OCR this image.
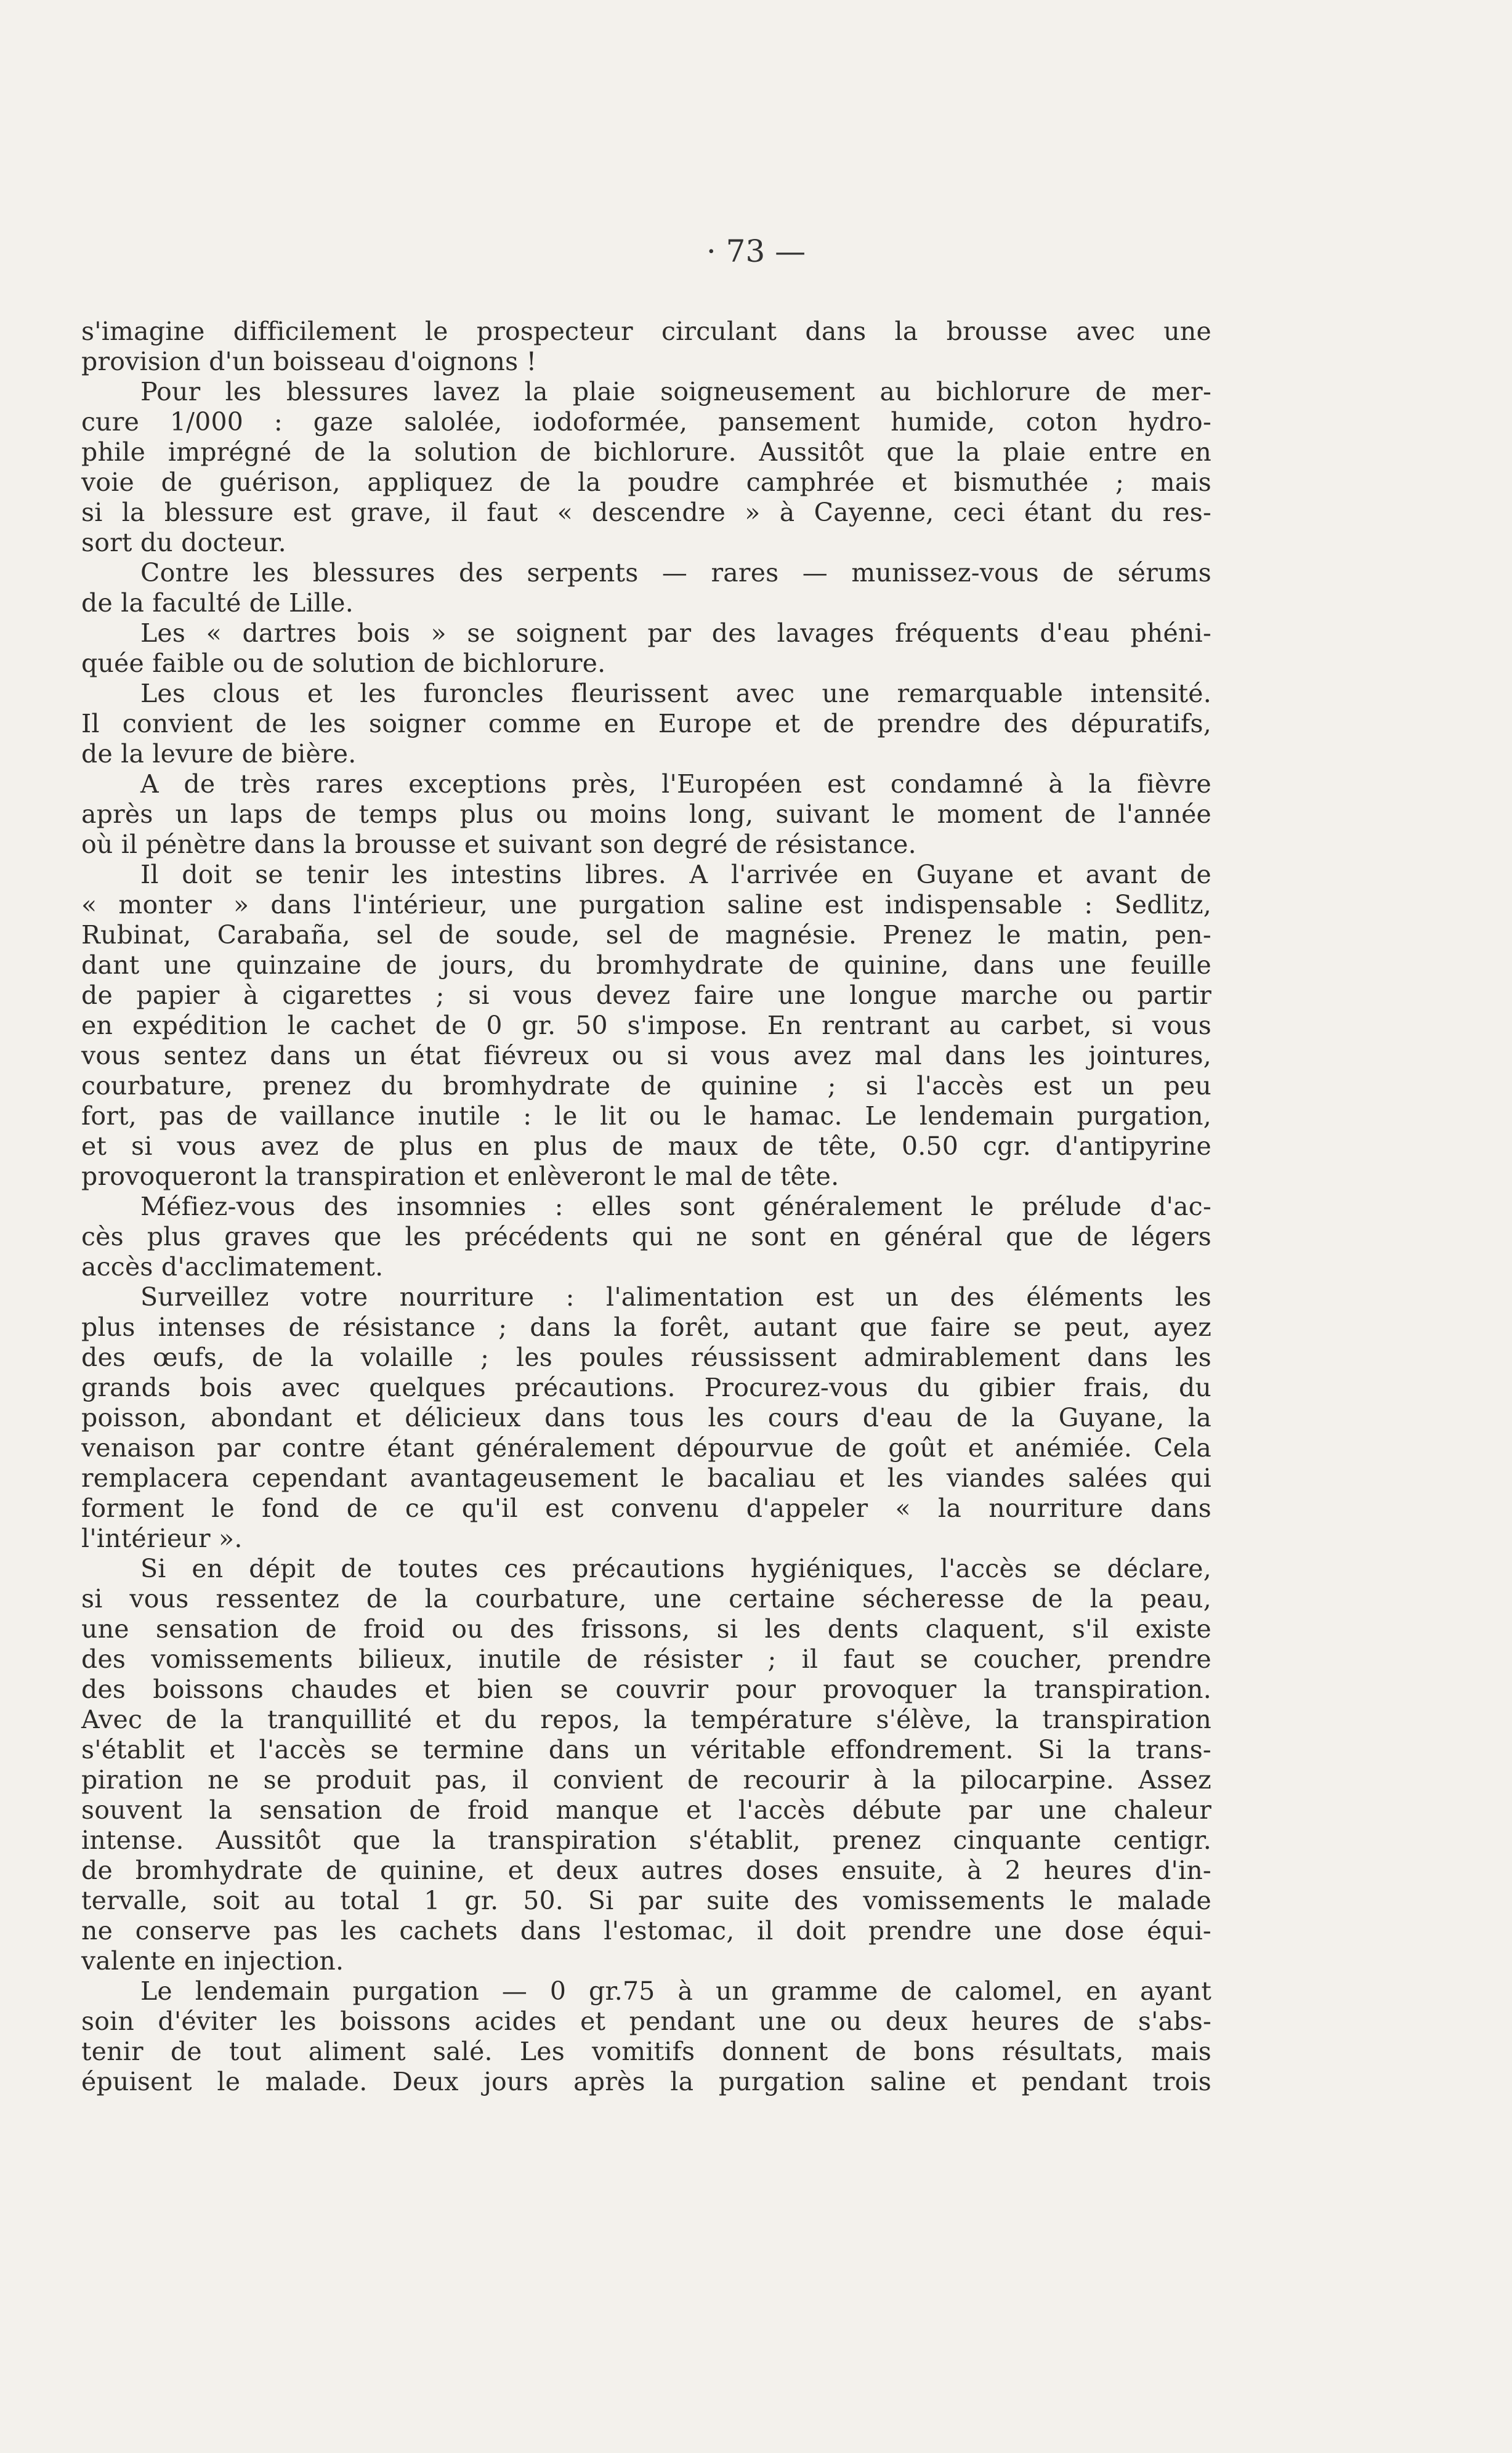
· 73 —
s'imagine difficilement le prospecteur circulant dans la brousse avec une
provision d'un boisseau d'oignons !
Pour les blessures lavez la plaie soigneusement au bichlorure de mer-
cure 1/000 : gaze salolée, iodoformée, pansement humide, coton hydro-
phile imprégné de la solution de bichlorure. Aussitôt que la plaie entre en
voie de guérison, appliquez de la poudre camphrée et bismuthée ; mais
si la blessure est grave, il faut « descendre » à Cayenne, ceci étant du res-
sort du docteur.
Contre les blessures des serpents — rares — munissez-vous de sérums
de la faculté de Lille.
Les « dartres bois » se soignent par des lavages fréquents d'eau phéni-
quée faible ou de solution de bichlorure.
Les clous et les furoncles fleurissent avec une remarquable intensité.
Il convient de les soigner comme en Europe et de prendre des dépuratifs,
de la levure de bière.
A de très rares exceptions près, l'Européen est condamné à la fièvre
après un laps de temps plus ou moins long, suivant le moment de l'année
où il pénètre dans la brousse et suivant son degré de résistance.
Il doit se tenir les intestins libres. A l'arrivée en Guyane et avant de
« monter » dans l'intérieur, une purgation saline est indispensable : Sedlitz,
Rubinat, Carabaña, sel de soude, sel de magnésie. Prenez le matin, pen-
dant une quinzaine de jours, du bromhydrate de quinine, dans une feuille
de papier à cigarettes ; si vous devez faire une longue marche ou partir
en expédition le cachet de 0 gr. 50 s'impose. En rentrant au carbet, si vous
vous sentez dans un état fiévreux ou si vous avez mal dans les jointures,
courbature, prenez du bromhydrate de quinine ; si l'accès est un peu
fort, pas de vaillance inutile : le lit ou le hamac. Le lendemain purgation,
et si vous avez de plus en plus de maux de tête, 0.50 cgr. d'antipyrine
provoqueront la transpiration et enlèveront le mal de tête.
Méfiez-vous des insomnies : elles sont généralement le prélude d'ac-
cès plus graves que les précédents qui ne sont en général que de légers
accès d'acclimatement.
Surveillez votre nourriture : l'alimentation est un des éléments les
plus intenses de résistance ; dans la forêt, autant que faire se peut, ayez
des œufs, de la volaille ; les poules réussissent admirablement dans les
grands bois avec quelques précautions. Procurez-vous du gibier frais, du
poisson, abondant et délicieux dans tous les cours d'eau de la Guyane, la
venaison par contre étant généralement dépourvue de goût et anémiée. Cela
remplacera cependant avantageusement le bacaliau et les viandes salées qui
forment le fond de ce qu'il est convenu d'appeler « la nourriture dans
l'intérieur ».
Si en dépit de toutes ces précautions hygiéniques, l'accès se déclare,
si vous ressentez de la courbature, une certaine sécheresse de la peau,
une sensation de froid ou des frissons, si les dents claquent, s'il existe
des vomissements bilieux, inutile de résister ; il faut se coucher, prendre
des boissons chaudes et bien se couvrir pour provoquer la transpiration.
Avec de la tranquillité et du repos, la température s'élève, la transpiration
s'établit et l'accès se termine dans un véritable effondrement. Si la trans-
piration ne se produit pas, il convient de recourir à la pilocarpine. Assez
souvent la sensation de froid manque et l'accès débute par une chaleur
intense. Aussitôt que la transpiration s'établit, prenez cinquante centigr.
de bromhydrate de quinine, et deux autres doses ensuite, à 2 heures d'in-
tervalle, soit au total 1 gr. 50. Si par suite des vomissements le malade
ne conserve pas les cachets dans l'estomac, il doit prendre une dose équi-
valente en injection.
Le lendemain purgation — 0 gr.75 à un gramme de calomel, en ayant
soin d'éviter les boissons acides et pendant une ou deux heures de s'abs-
tenir de tout aliment salé. Les vomitifs donnent de bons résultats, mais
épuisent le malade. Deux jours après la purgation saline et pendant trois
